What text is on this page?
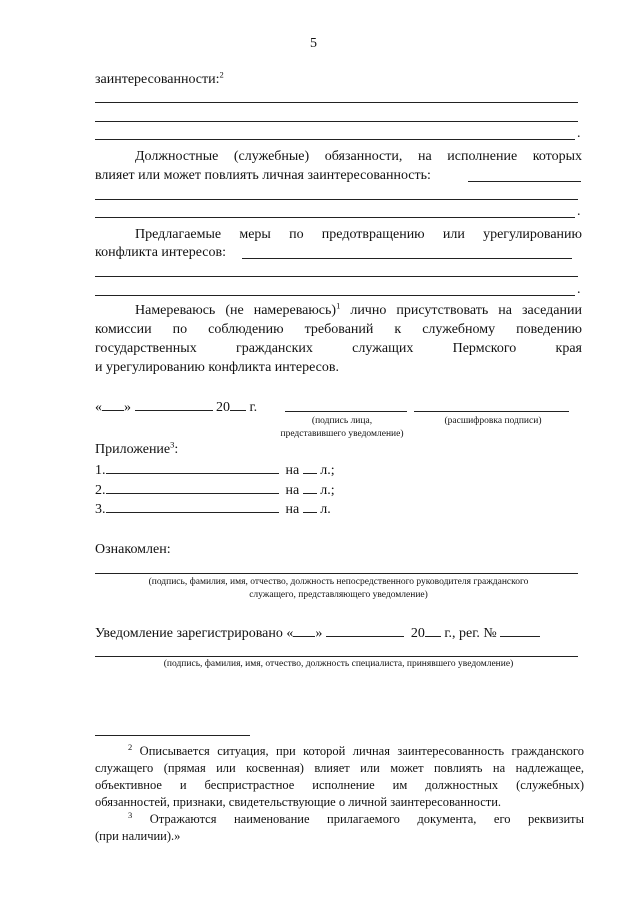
5
заинтересованности:$^2$
.
Должностные (служебные) обязанности, на исполнение которых
влияет или может повлиять личная заинтересованность:
.
Предлагаемые меры по предотвращению или урегулированию
конфликта интересов:
.
Намереваюсь (не намереваюсь)$^1$ лично присутствовать на заседании
комиссии по соблюдению требований к служебному поведению
государственных гражданских служащих Пермского края
и урегулированию конфликта интересов.
« »	20 г.
(подпись лица,
представившего уведомление)
(расшифровка подписи)
Приложение$^3$:
1.	на л.;
2.	на л.;
3.	на л.
Ознакомлен:
(подпись, фамилия, имя, отчество, должность непосредственного руководителя гражданского
служащего, представляющего уведомление)
Уведомление зарегистрировано « »	20 г., рег. №
(подпись, фамилия, имя, отчество, должность специалиста, принявшего уведомление)
$^2$ Описывается ситуация, при которой личная заинтересованность гражданского
служащего (прямая или косвенная) влияет или может повлиять на надлежащее,
объективное и беспристрастное исполнение им должностных (служебных)
обязанностей, признаки, свидетельствующие о личной заинтересованности.
$^3$ Отражаются наименование прилагаемого документа, его реквизиты
(при наличии).»
